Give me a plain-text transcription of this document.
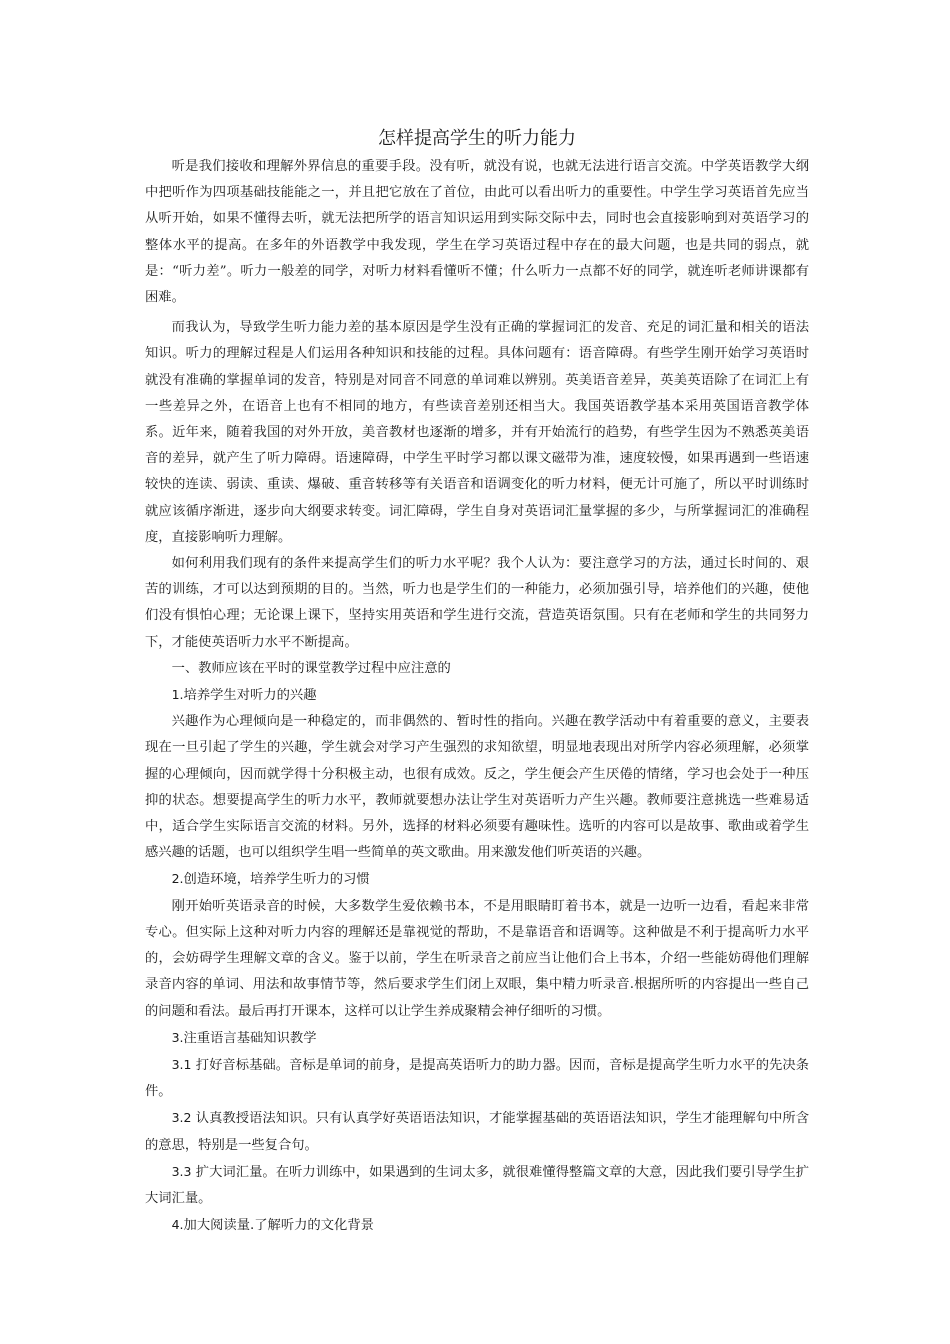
怎样提高学生的听力能力

听是我们接收和理解外界信息的重要手段。没有听，就没有说，也就无法进行语言交流。中学英语教学大纲中把听作为四项基础技能能之一，并且把它放在了首位，由此可以看出听力的重要性。中学生学习英语首先应当从听开始，如果不懂得去听，就无法把所学的语言知识运用到实际交际中去，同时也会直接影响到对英语学习的整体水平的提高。在多年的外语教学中我发现，学生在学习英语过程中存在的最大问题，也是共同的弱点，就是：“听力差”。听力一般差的同学，对听力材料看懂听不懂；什么听力一点都不好的同学，就连听老师讲课都有困难。

而我认为，导致学生听力能力差的基本原因是学生没有正确的掌握词汇的发音、充足的词汇量和相关的语法知识。听力的理解过程是人们运用各种知识和技能的过程。具体问题有：语音障碍。有些学生刚开始学习英语时就没有准确的掌握单词的发音，特别是对同音不同意的单词难以辨别。英美语音差异，英美英语除了在词汇上有一些差异之外，在语音上也有不相同的地方，有些读音差别还相当大。我国英语教学基本采用英国语音教学体系。近年来，随着我国的对外开放，美音教材也逐渐的增多，并有开始流行的趋势，有些学生因为不熟悉英美语音的差异，就产生了听力障碍。语速障碍，中学生平时学习都以课文磁带为准，速度较慢，如果再遇到一些语速较快的连读、弱读、重读、爆破、重音转移等有关语音和语调变化的听力材料，便无计可施了，所以平时训练时就应该循序渐进，逐步向大纲要求转变。词汇障碍，学生自身对英语词汇量掌握的多少，与所掌握词汇的准确程度，直接影响听力理解。

如何利用我们现有的条件来提高学生们的听力水平呢？我个人认为：要注意学习的方法，通过长时间的、艰苦的训练，才可以达到预期的目的。当然，听力也是学生们的一种能力，必须加强引导，培养他们的兴趣，使他们没有惧怕心理；无论课上课下，坚持实用英语和学生进行交流，营造英语氛围。只有在老师和学生的共同努力下，才能使英语听力水平不断提高。

一、教师应该在平时的课堂教学过程中应注意的

1.培养学生对听力的兴趣

兴趣作为心理倾向是一种稳定的，而非偶然的、暂时性的指向。兴趣在教学活动中有着重要的意义，主要表现在一旦引起了学生的兴趣，学生就会对学习产生强烈的求知欲望，明显地表现出对所学内容必须理解，必须掌握的心理倾向，因而就学得十分积极主动，也很有成效。反之，学生便会产生厌倦的情绪，学习也会处于一种压抑的状态。想要提高学生的听力水平，教师就要想办法让学生对英语听力产生兴趣。教师要注意挑选一些难易适中，适合学生实际语言交流的材料。另外，选择的材料必须要有趣味性。选听的内容可以是故事、歌曲或着学生感兴趣的话题，也可以组织学生唱一些简单的英文歌曲。用来激发他们听英语的兴趣。

2.创造环境，培养学生听力的习惯

刚开始听英语录音的时候，大多数学生爱依赖书本，不是用眼睛盯着书本，就是一边听一边看，看起来非常专心。但实际上这种对听力内容的理解还是靠视觉的帮助，不是靠语音和语调等。这种做是不利于提高听力水平的，会妨碍学生理解文章的含义。鉴于以前，学生在听录音之前应当让他们合上书本，介绍一些能妨碍他们理解录音内容的单词、用法和故事情节等，然后要求学生们闭上双眼，集中精力听录音.根据所听的内容提出一些自己的问题和看法。最后再打开课本，这样可以让学生养成聚精会神仔细听的习惯。

3.注重语言基础知识教学

3.1 打好音标基础。音标是单词的前身，是提高英语听力的助力器。因而，音标是提高学生听力水平的先决条件。

3.2 认真教授语法知识。只有认真学好英语语法知识，才能掌握基础的英语语法知识，学生才能理解句中所含的意思，特别是一些复合句。

3.3 扩大词汇量。在听力训练中，如果遇到的生词太多，就很难懂得整篇文章的大意，因此我们要引导学生扩大词汇量。

4.加大阅读量.了解听力的文化背景
